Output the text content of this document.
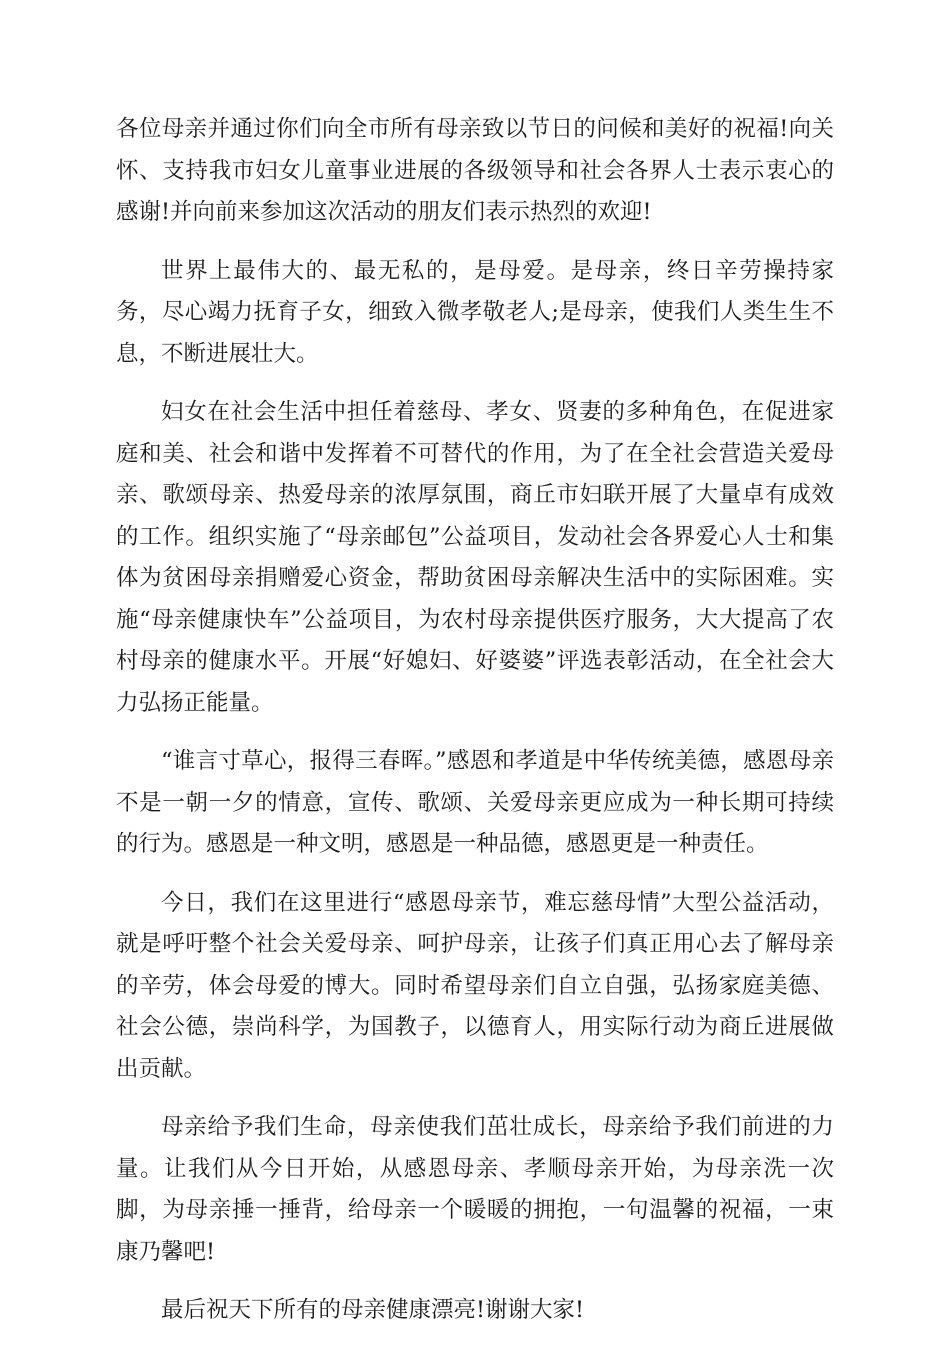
各位母亲并通过你们向全市所有母亲致以节日的问候和美好的祝福!向关怀、支持我市妇女儿童事业进展的各级领导和社会各界人士表示衷心的感谢!并向前来参加这次活动的朋友们表示热烈的欢迎!

世界上最伟大的、最无私的，是母爱。是母亲，终日辛劳操持家务，尽心竭力抚育子女，细致入微孝敬老人;是母亲，使我们人类生生不息，不断进展壮大。

妇女在社会生活中担任着慈母、孝女、贤妻的多种角色，在促进家庭和美、社会和谐中发挥着不可替代的作用，为了在全社会营造关爱母亲、歌颂母亲、热爱母亲的浓厚氛围，商丘市妇联开展了大量卓有成效的工作。组织实施了“母亲邮包”公益项目，发动社会各界爱心人士和集体为贫困母亲捐赠爱心资金，帮助贫困母亲解决生活中的实际困难。实施“母亲健康快车”公益项目，为农村母亲提供医疗服务，大大提高了农村母亲的健康水平。开展“好媳妇、好婆婆”评选表彰活动，在全社会大力弘扬正能量。

“谁言寸草心，报得三春晖。”感恩和孝道是中华传统美德，感恩母亲不是一朝一夕的情意，宣传、歌颂、关爱母亲更应成为一种长期可持续的行为。感恩是一种文明，感恩是一种品德，感恩更是一种责任。

今日，我们在这里进行“感恩母亲节，难忘慈母情”大型公益活动，就是呼吁整个社会关爱母亲、呵护母亲，让孩子们真正用心去了解母亲的辛劳，体会母爱的博大。同时希望母亲们自立自强，弘扬家庭美德、社会公德，崇尚科学，为国教子，以德育人，用实际行动为商丘进展做出贡献。

母亲给予我们生命，母亲使我们茁壮成长，母亲给予我们前进的力量。让我们从今日开始，从感恩母亲、孝顺母亲开始，为母亲洗一次脚，为母亲捶一捶背，给母亲一个暖暖的拥抱，一句温馨的祝福，一束康乃馨吧!

最后祝天下所有的母亲健康漂亮!谢谢大家!
